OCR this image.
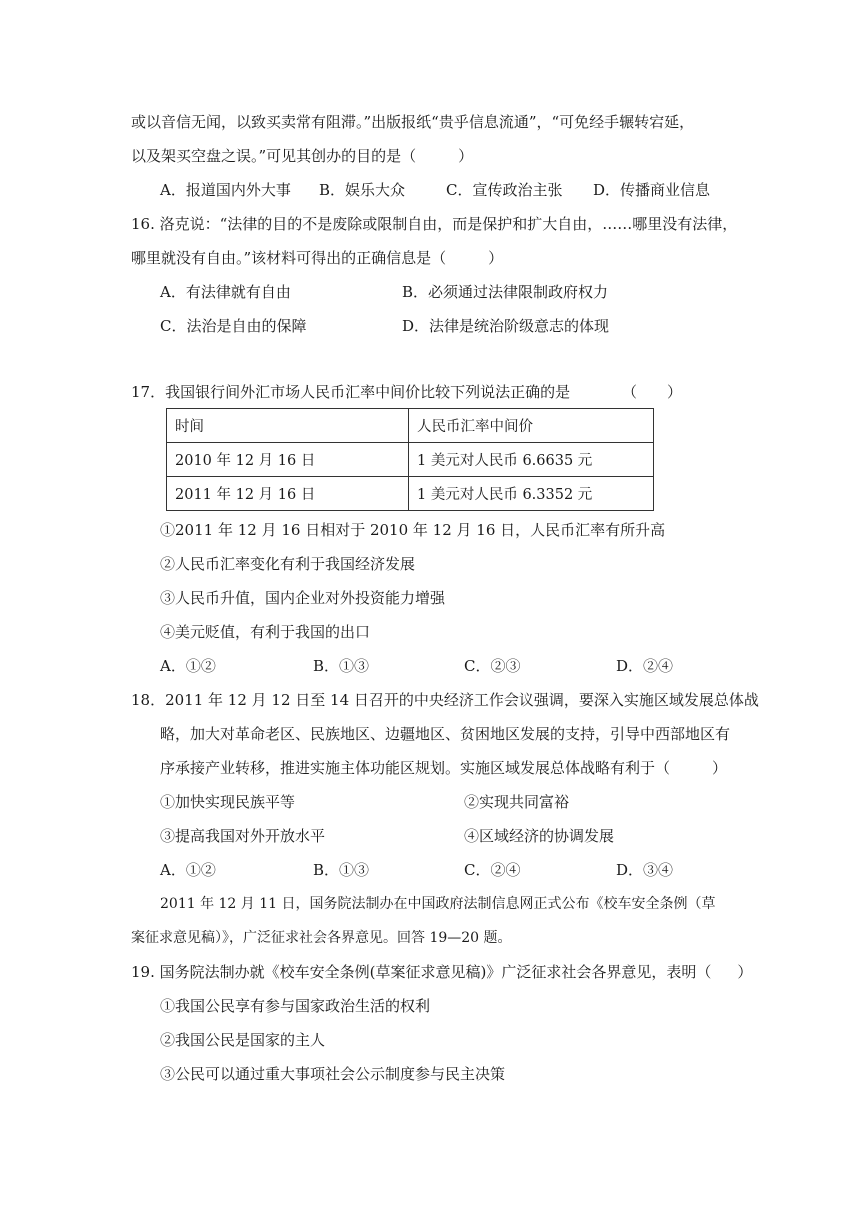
或以音信无闻，以致买卖常有阻滞。”出版报纸“贵乎信息流通”，“可免经手辗转宕延，
以及架买空盘之误。”可见其创办的目的是（	）
A．报道国内外大事 B．娱乐大众	C．宣传政治主张 D．传播商业信息
16. 洛克说：“法律的目的不是废除或限制自由，而是保护和扩大自由，……哪里没有法律，
哪里就没有自由。”该材料可得出的正确信息是（	）
A．有法律就有自由	B．必须通过法律限制政府权力
C．法治是自由的保障	D．法律是统治阶级意志的体现
17．我国银行间外汇市场人民币汇率中间价比较下列说法正确的是	（　　）
时间	人民币汇率中间价
2010 年 12 月 16 日	1 美元对人民币 6.6635 元
2011 年 12 月 16 日	1 美元对人民币 6.3352 元
①2011 年 12 月 16 日相对于 2010 年 12 月 16 日，人民币汇率有所升高
②人民币汇率变化有利于我国经济发展
③人民币升值，国内企业对外投资能力增强
④美元贬值，有利于我国的出口
A．①②	B．①③	C．②③	D．②④
18．2011 年 12 月 12 日至 14 日召开的中央经济工作会议强调，要深入实施区域发展总体战
略，加大对革命老区、民族地区、边疆地区、贫困地区发展的支持，引导中西部地区有
序承接产业转移，推进实施主体功能区规划。实施区域发展总体战略有利于（	）
①加快实现民族平等	②实现共同富裕
③提高我国对外开放水平	④区域经济的协调发展
A．①②	B．①③	C．②④	D．③④
2011 年 12 月 11 日，国务院法制办在中国政府法制信息网正式公布《校车安全条例（草
案征求意见稿）》，广泛征求社会各界意见。回答 19—20 题。
19. 国务院法制办就《校车安全条例(草案征求意见稿)》广泛征求社会各界意见，表明（ ）
①我国公民享有参与国家政治生活的权利
②我国公民是国家的主人
③公民可以通过重大事项社会公示制度参与民主决策
